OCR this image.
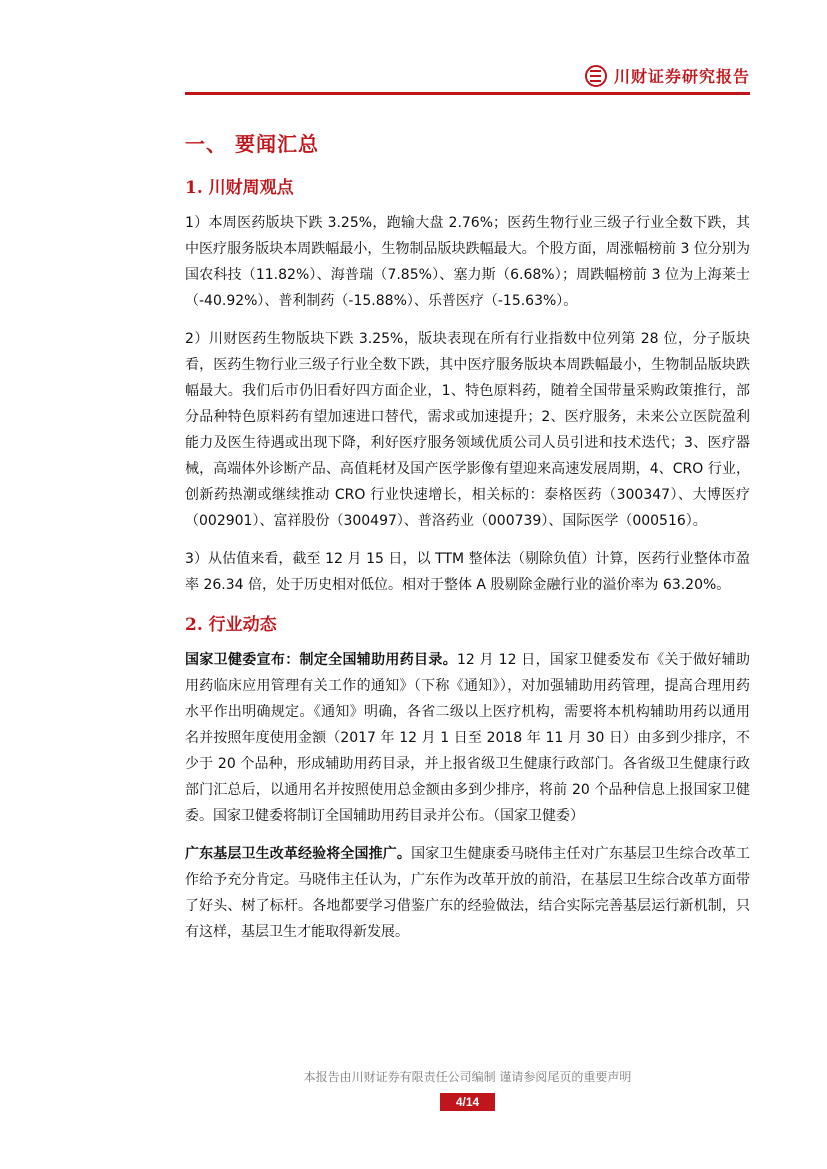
川财证券研究报告
一、 要闻汇总
1. 川财周观点

1）本周医药版块下跌 3.25%，跑输大盘 2.76%；医药生物行业三级子行业全数下跌，其中医疗服务版块本周跌幅最小，生物制品版块跌幅最大。个股方面，周涨幅榜前 3 位分别为国农科技（11.82%）、海普瑞（7.85%）、塞力斯（6.68%）；周跌幅榜前 3 位为上海莱士（-40.92%）、普利制药（-15.88%）、乐普医疗（-15.63%）。

2）川财医药生物版块下跌 3.25%，版块表现在所有行业指数中位列第 28 位，分子版块看，医药生物行业三级子行业全数下跌，其中医疗服务版块本周跌幅最小，生物制品版块跌幅最大。我们后市仍旧看好四方面企业，1、特色原料药，随着全国带量采购政策推行，部分品种特色原料药有望加速进口替代，需求或加速提升；2、医疗服务，未来公立医院盈利能力及医生待遇或出现下降，利好医疗服务领域优质公司人员引进和技术迭代；3、医疗器械，高端体外诊断产品、高值耗材及国产医学影像有望迎来高速发展周期，4、CRO 行业，创新药热潮或继续推动 CRO 行业快速增长，相关标的：泰格医药（300347）、大博医疗（002901）、富祥股份（300497）、普洛药业（000739）、国际医学（000516）。

3）从估值来看，截至 12 月 15 日，以 TTM 整体法（剔除负值）计算，医药行业整体市盈率 26.34 倍，处于历史相对低位。相对于整体 A 股剔除金融行业的溢价率为 63.20%。

2. 行业动态

国家卫健委宣布：制定全国辅助用药目录。12 月 12 日，国家卫健委发布《关于做好辅助用药临床应用管理有关工作的通知》（下称《通知》），对加强辅助用药管理，提高合理用药水平作出明确规定。《通知》明确，各省二级以上医疗机构，需要将本机构辅助用药以通用名并按照年度使用金额（2017 年 12 月 1 日至 2018 年 11 月 30 日）由多到少排序，不少于 20 个品种，形成辅助用药目录，并上报省级卫生健康行政部门。各省级卫生健康行政部门汇总后，以通用名并按照使用总金额由多到少排序，将前 20 个品种信息上报国家卫健委。国家卫健委将制订全国辅助用药目录并公布。（国家卫健委）

广东基层卫生改革经验将全国推广。国家卫生健康委马晓伟主任对广东基层卫生综合改革工作给予充分肯定。马晓伟主任认为，广东作为改革开放的前沿，在基层卫生综合改革方面带了好头、树了标杆。各地都要学习借鉴广东的经验做法，结合实际完善基层运行新机制，只有这样，基层卫生才能取得新发展。

本报告由川财证券有限责任公司编制 谨请参阅尾页的重要声明
4/14
